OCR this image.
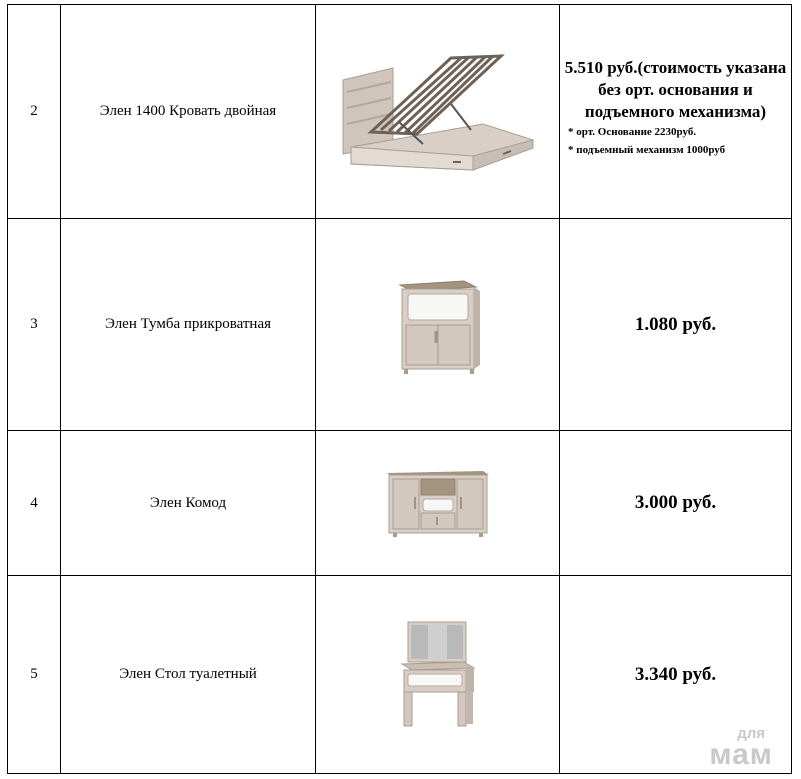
2	Элен 1400 Кровать двойная		5.510 руб.(стоимость указана без орт. основания и подъемного механизма)
* орт. Основание 2230руб.
* подъемный механизм 1000руб

3	Элен Тумба прикроватная		1.080 руб.
4	Элен Комод		3.000 руб.
5	Элен Стол туалетный		3.340 руб.
для
мам
